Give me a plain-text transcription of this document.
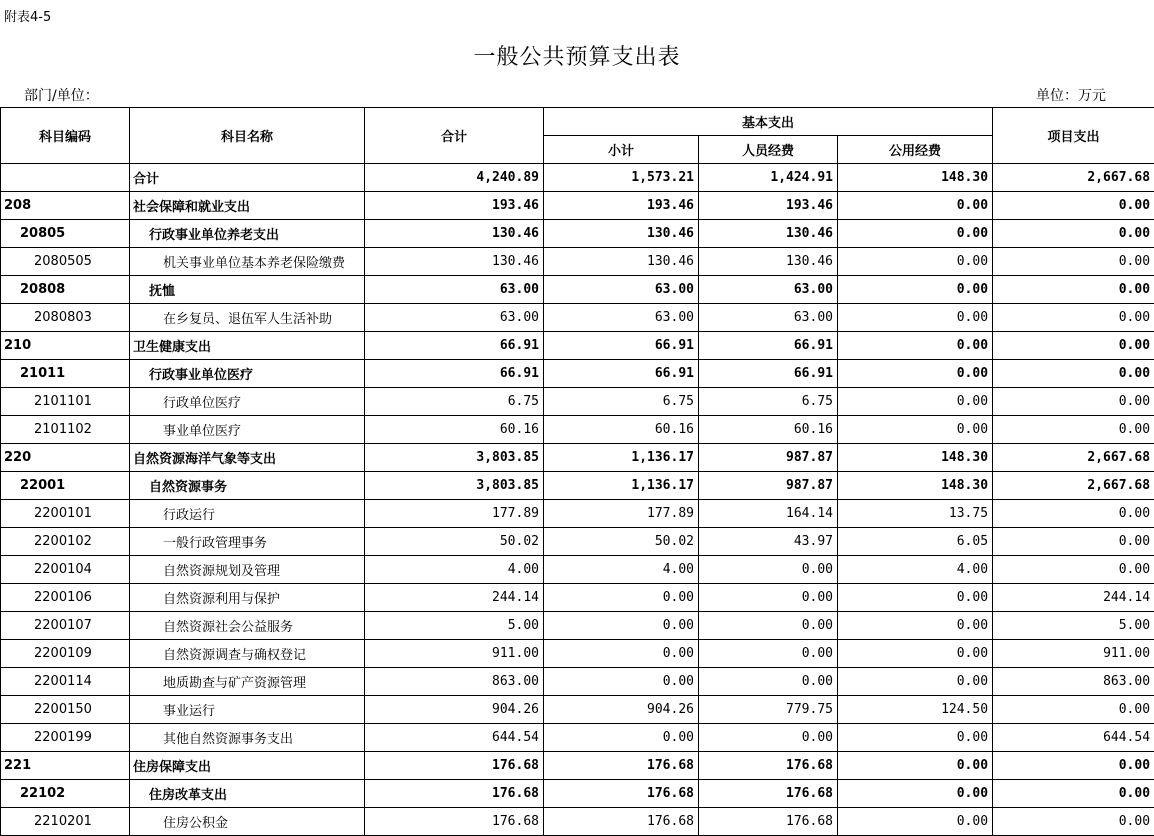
附表4-5
一般公共预算支出表
部门/单位：	单位：万元
科目编码	科目名称	合计	基本支出			项目支出
			小计	人员经费	公用经费	
	合计	4,240.89	1,573.21	1,424.91	148.30	2,667.68
208	社会保障和就业支出	193.46	193.46	193.46	0.00	0.00
20805	行政事业单位养老支出	130.46	130.46	130.46	0.00	0.00
2080505	机关事业单位基本养老保险缴费	130.46	130.46	130.46	0.00	0.00
20808	抚恤	63.00	63.00	63.00	0.00	0.00
2080803	在乡复员、退伍军人生活补助	63.00	63.00	63.00	0.00	0.00
210	卫生健康支出	66.91	66.91	66.91	0.00	0.00
21011	行政事业单位医疗	66.91	66.91	66.91	0.00	0.00
2101101	行政单位医疗	6.75	6.75	6.75	0.00	0.00
2101102	事业单位医疗	60.16	60.16	60.16	0.00	0.00
220	自然资源海洋气象等支出	3,803.85	1,136.17	987.87	148.30	2,667.68
22001	自然资源事务	3,803.85	1,136.17	987.87	148.30	2,667.68
2200101	行政运行	177.89	177.89	164.14	13.75	0.00
2200102	一般行政管理事务	50.02	50.02	43.97	6.05	0.00
2200104	自然资源规划及管理	4.00	4.00	0.00	4.00	0.00
2200106	自然资源利用与保护	244.14	0.00	0.00	0.00	244.14
2200107	自然资源社会公益服务	5.00	0.00	0.00	0.00	5.00
2200109	自然资源调查与确权登记	911.00	0.00	0.00	0.00	911.00
2200114	地质勘查与矿产资源管理	863.00	0.00	0.00	0.00	863.00
2200150	事业运行	904.26	904.26	779.75	124.50	0.00
2200199	其他自然资源事务支出	644.54	0.00	0.00	0.00	644.54
221	住房保障支出	176.68	176.68	176.68	0.00	0.00
22102	住房改革支出	176.68	176.68	176.68	0.00	0.00
2210201	住房公积金	176.68	176.68	176.68	0.00	0.00
